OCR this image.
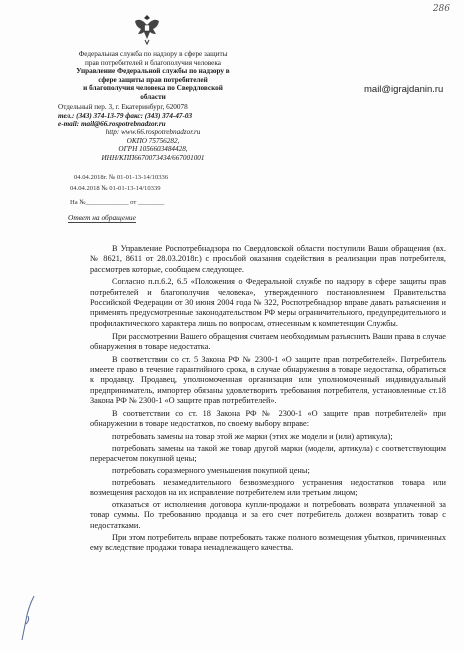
286
Федеральная служба по надзору в сфере защиты
прав потребителей и благополучия человека
Управление Федеральной службы по надзору в
сфере защиты прав потребителей
и благополучия человека по Свердловской
области
Отдельный пер. 3, г. Екатеринбург, 620078
тел.: (343) 374-13-79 факс: (343) 374-47-03
e-mail: mail@66.rospotrebnadzor.ru
http: www.66.rospotrebnadzor.ru
ОКПО 75756282,
ОГРН 1056603484428,
ИНН/КПП6670073434/667001001
04.04.2018г. № 01-01-13-14/10336
04.04.2018 № 01-01-13-14/10339
На №_____________ от ________
Ответ на обращение
mail@igrajdanin.ru

В Управление Роспотребнадзора по Свердловской области поступили Ваши обращения (вх. № 8621, 8611 от 28.03.2018г.) с просьбой оказания содействия в реализации прав потребителя, рассмотрев которые, сообщаем следующее.

Согласно п.п.6.2, 6.5 «Положения о Федеральной службе по надзору в сфере защиты прав потребителей и благополучия человека», утвержденного постановлением Правительства Российской Федерации от 30 июня 2004 года № 322, Роспотребнадзор вправе давать разъяснения и применять предусмотренные законодательством РФ меры ограничительного, предупредительного и профилактического характера лишь по вопросам, отнесенным к компетенции Службы.

При рассмотрении Вашего обращения считаем необходимым разъяснить Ваши права в случае обнаружения в товаре недостатка.

В соответствии со ст. 5 Закона РФ № 2300-1 «О защите прав потребителей». Потребитель имеете право в течение гарантийного срока, в случае обнаружения в товаре недостатка, обратиться к продавцу. Продавец, уполномоченная организация или уполномоченный индивидуальный предприниматель, импортер обязаны удовлетворить требования потребителя, установленные ст.18 Закона РФ № 2300-1 «О защите прав потребителей».

В соответствии со ст. 18 Закона РФ № 2300-1 «О защите прав потребителей» при обнаружении в товаре недостатков, по своему выбору вправе:

потребовать замены на товар этой же марки (этих же модели и (или) артикула);

потребовать замены на такой же товар другой марки (модели, артикула) с соответствующим перерасчетом покупной цены;

потребовать соразмерного уменьшения покупной цены;

потребовать незамедлительного безвозмездного устранения недостатков товара или возмещения расходов на их исправление потребителем или третьим лицом;

отказаться от исполнения договора купли-продажи и потребовать возврата уплаченной за товар суммы. По требованию продавца и за его счет потребитель должен возвратить товар с недостатками.

При этом потребитель вправе потребовать также полного возмещения убытков, причиненных ему вследствие продажи товара ненадлежащего качества.
